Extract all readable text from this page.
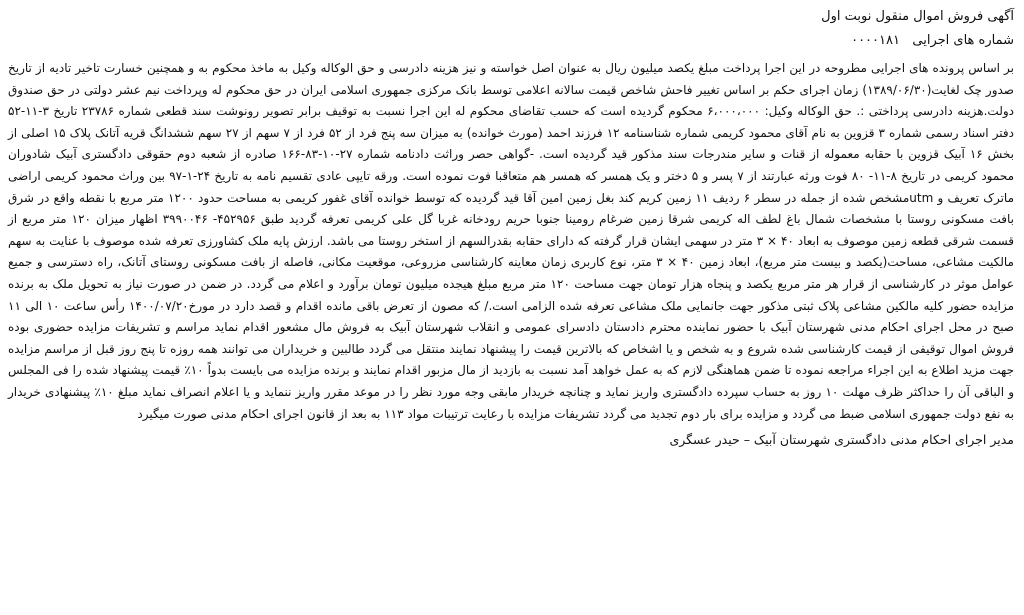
آگهی فروش اموال منقول نوبت اول

شماره های اجرایی   ۰۰۰۰۱۸۱

بر اساس پرونده های اجرایی مطروحه در این اجرا پرداخت مبلغ یکصد میلیون ریال به عنوان اصل خواسته و نیز هزینه دادرسی و حق الوکاله وکیل به ماخذ محکوم به و همچنین خسارت تاخیر تادیه از تاریخ صدور چک لغایت(۱۳۸۹/۰۶/۳۰) زمان اجرای حکم بر اساس تغییر فاحش شاخص قیمت سالانه اعلامی توسط بانک مرکزی جمهوری اسلامی ایران در حق محکوم له وپرداخت نیم عشر دولتی در حق صندوق دولت.هزینه دادرسی پرداختی :. حق الوکاله وکیل: ۶،۰۰۰،۰۰۰ محکوم گردیده است که حسب تقاضای محکوم له این اجرا نسبت به توقیف برابر تصویر رونوشت سند قطعی شماره ۲۳۷۸۶ تاریخ ۳-۱۱-۵۲ دفتر اسناد رسمی شماره ۳ قزوین به نام آقای محمود کریمی شماره شناسنامه ۱۲ فرزند احمد (مورث خوانده) به میزان سه پنج فرد از ۵۲ فرد از ۷ سهم از ۲۷ سهم ششدانگ قریه آتانک پلاک ۱۵ اصلی از بخش ۱۶ آبیک قزوین با حقابه معموله از قنات و سایر مندرجات سند مذکور قید گردیده است. -گواهی حصر وراثت دادنامه شماره ۲۷-۱۰-۸۳-۱۶۶ صادره از شعبه دوم حقوقی دادگستری آبیک شادوران محمود کریمی در تاریخ ۸-۱۱- ۸۰ فوت ورثه عبارتند از ۷ پسر و ۵ دختر و یک همسر که همسر هم متعاقبا فوت نموده است. ورقه تایپی عادی تقسیم نامه به تاریخ ۲۴-۱-۹۷ بین وراث محمود کریمی اراضی ماترک تعریف و utmمشخص شده از جمله در سطر ۶ ردیف ۱۱ زمین کریم کند بغل زمین امین آقا قید گردیده که توسط خوانده آقای غفور کریمی به مساحت حدود ۱۲۰۰ متر مربع با نقطه واقع در شرق بافت مسکونی روستا با مشخصات شمال باغ لطف اله کریمی شرقا زمین ضرغام رومینا جنوبا حریم رودخانه غربا گل علی کریمی تعرفه گردید طبق ۴۵۲۹۵۶- ۳۹۹۰۰۴۶ اظهار میزان ۱۲۰ متر مربع از قسمت شرقی قطعه زمین موصوف به ابعاد ۴۰ × ۳ متر در سهمی ایشان قرار گرفته که دارای حقابه بقدرالسهم از استخر روستا می باشد. ارزش پایه ملک کشاورزی تعرفه شده موصوف با عنایت به سهم مالکیت مشاعی، مساحت(یکصد و بیست متر مربع)، ابعاد زمین ۴۰ × ۳ متر، نوع کاربری زمان معاینه کارشناسی مزروعی، موقعیت مکانی، فاصله از بافت مسکونی روستای آتانک، راه دسترسی و جمیع عوامل موثر در کارشناسی از قرار هر متر مربع یکصد و پنجاه هزار تومان جهت مساحت ۱۲۰ متر مربع مبلغ هیجده میلیون تومان برآورد و اعلام می گردد. در ضمن در صورت نیاز به تحویل ملک به برنده مزایده حضور کلیه مالکین مشاعی پلاک ثبتی مذکور جهت جانمایی ملک مشاعی تعرفه شده الزامی است./ که مصون از تعرض باقی مانده اقدام و قصد دارد در مورخ۱۴۰۰/۰۷/۲۰ رأس ساعت ۱۰ الی ۱۱ صبح در محل اجرای احکام مدنی شهرستان آبیک با حضور نماینده محترم دادستان دادسرای عمومی و انقلاب شهرستان آبیک به فروش مال مشعور اقدام نماید مراسم و تشریفات مزایده حضوری بوده فروش اموال توقیفی از قیمت کارشناسی شده شروع و به شخص و یا اشخاص که بالاترین قیمت را پیشنهاد نمایند منتقل می گردد طالبین و خریداران می توانند همه روزه تا پنج روز قبل از مراسم مزایده جهت مزید اطلاع به این اجراء مراجعه نموده تا ضمن هماهنگی لازم که به عمل خواهد آمد نسبت به بازدید از مال مزبور اقدام نمایند و برنده مزایده می بایست بدواً ۱۰٪ قیمت پیشنهاد شده را فی المجلس و الباقی آن را حداکثر ظرف مهلت ۱۰ روز به حساب سپرده دادگستری واریز نماید و چنانچه خریدار مابقی وجه مورد نظر را در موعد مقرر واریز ننماید و یا اعلام انصراف نماید مبلغ ۱۰٪ پیشنهادی خریدار به نفع دولت جمهوری اسلامی ضبط می گردد و مزایده برای بار دوم تجدید می گردد تشریفات مزایده با رعایت ترتیبات مواد ۱۱۳ به بعد از قانون اجرای احکام مدنی صورت میگیرد

مدیر اجرای احکام مدنی دادگستری شهرستان آبیک – حیدر عسگری
